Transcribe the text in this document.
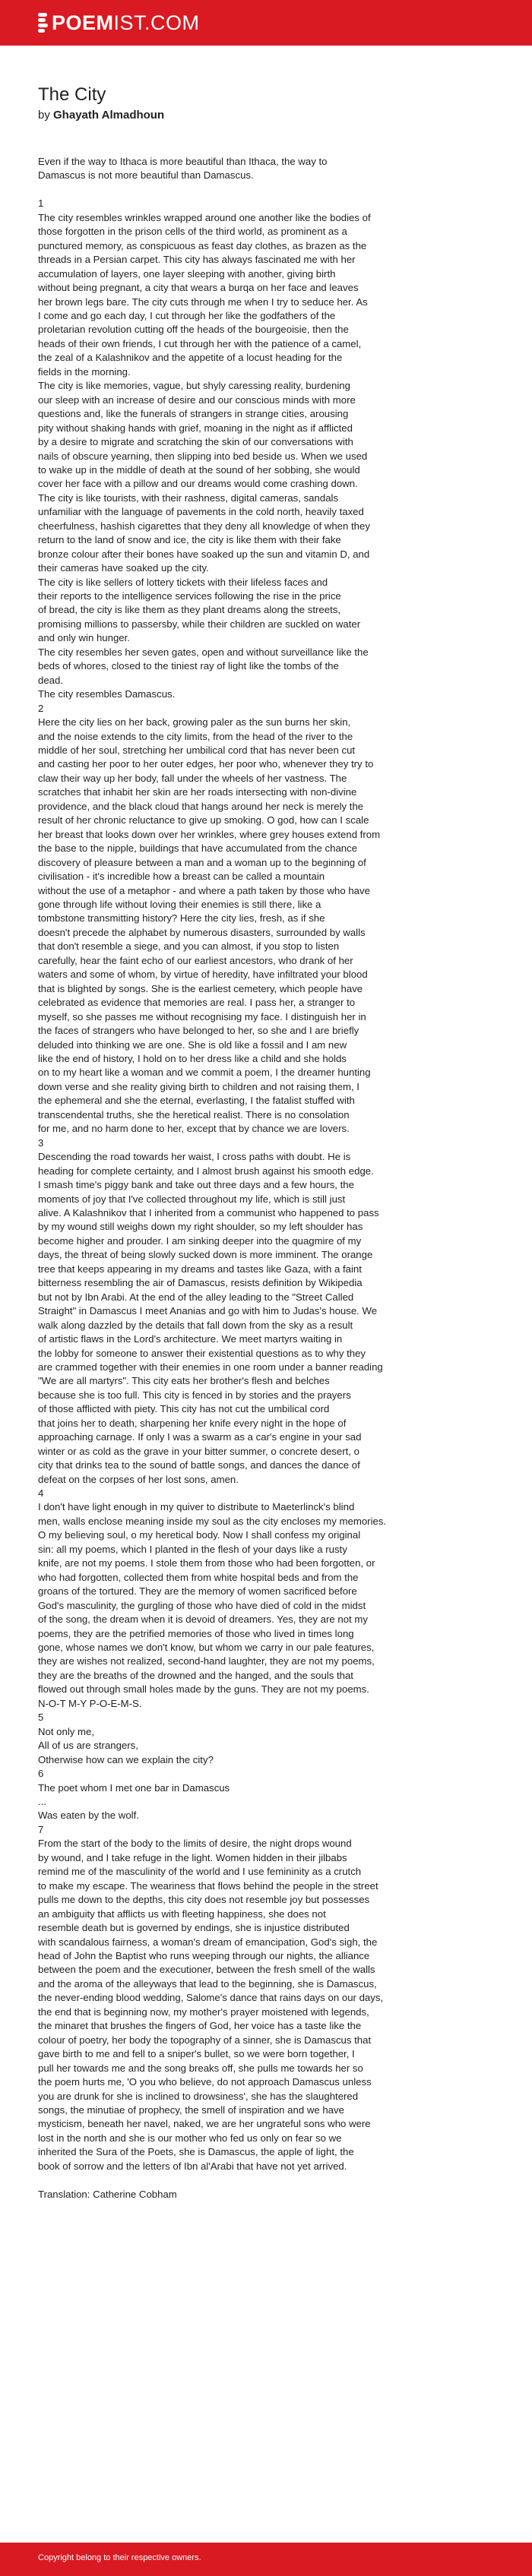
POEMIST.COM
The City
by Ghayath Almadhoun
Even if the way to Ithaca is more beautiful than Ithaca, the way to
Damascus is not more beautiful than Damascus.
1
The city resembles wrinkles wrapped around one another like the bodies of
those forgotten in the prison cells of the third world, as prominent as a
punctured memory, as conspicuous as feast day clothes, as brazen as the
threads in a Persian carpet. This city has always fascinated me with her
accumulation of layers, one layer sleeping with another, giving birth
without being pregnant, a city that wears a burqa on her face and leaves
her brown legs bare. The city cuts through me when I try to seduce her. As
I come and go each day, I cut through her like the godfathers of the
proletarian revolution cutting off the heads of the bourgeoisie, then the
heads of their own friends, I cut through her with the patience of a camel,
the zeal of a Kalashnikov and the appetite of a locust heading for the
fields in the morning.
The city is like memories, vague, but shyly caressing reality, burdening
our sleep with an increase of desire and our conscious minds with more
questions and, like the funerals of strangers in strange cities, arousing
pity without shaking hands with grief, moaning in the night as if afflicted
by a desire to migrate and scratching the skin of our conversations with
nails of obscure yearning, then slipping into bed beside us. When we used
to wake up in the middle of death at the sound of her sobbing, she would
cover her face with a pillow and our dreams would come crashing down.
The city is like tourists, with their rashness, digital cameras, sandals
unfamiliar with the language of pavements in the cold north, heavily taxed
cheerfulness, hashish cigarettes that they deny all knowledge of when they
return to the land of snow and ice, the city is like them with their fake
bronze colour after their bones have soaked up the sun and vitamin D, and
their cameras have soaked up the city.
The city is like sellers of lottery tickets with their lifeless faces and
their reports to the intelligence services following the rise in the price
of bread, the city is like them as they plant dreams along the streets,
promising millions to passersby, while their children are suckled on water
and only win hunger.
The city resembles her seven gates, open and without surveillance like the
beds of whores, closed to the tiniest ray of light like the tombs of the
dead.
The city resembles Damascus.
2
Here the city lies on her back, growing paler as the sun burns her skin,
and the noise extends to the city limits, from the head of the river to the
middle of her soul, stretching her umbilical cord that has never been cut
and casting her poor to her outer edges, her poor who, whenever they try to
claw their way up her body, fall under the wheels of her vastness. The
scratches that inhabit her skin are her roads intersecting with non-divine
providence, and the black cloud that hangs around her neck is merely the
result of her chronic reluctance to give up smoking. O god, how can I scale
her breast that looks down over her wrinkles, where grey houses extend from
the base to the nipple, buildings that have accumulated from the chance
discovery of pleasure between a man and a woman up to the beginning of
civilisation - it's incredible how a breast can be called a mountain
without the use of a metaphor - and where a path taken by those who have
gone through life without loving their enemies is still there, like a
tombstone transmitting history? Here the city lies, fresh, as if she
doesn't precede the alphabet by numerous disasters, surrounded by walls
that don't resemble a siege, and you can almost, if you stop to listen
carefully, hear the faint echo of our earliest ancestors, who drank of her
waters and some of whom, by virtue of heredity, have infiltrated your blood
that is blighted by songs. She is the earliest cemetery, which people have
celebrated as evidence that memories are real. I pass her, a stranger to
myself, so she passes me without recognising my face. I distinguish her in
the faces of strangers who have belonged to her, so she and I are briefly
deluded into thinking we are one. She is old like a fossil and I am new
like the end of history, I hold on to her dress like a child and she holds
on to my heart like a woman and we commit a poem, I the dreamer hunting
down verse and she reality giving birth to children and not raising them, I
the ephemeral and she the eternal, everlasting, I the fatalist stuffed with
transcendental truths, she the heretical realist. There is no consolation
for me, and no harm done to her, except that by chance we are lovers.
3
Descending the road towards her waist, I cross paths with doubt. He is
heading for complete certainty, and I almost brush against his smooth edge.
I smash time's piggy bank and take out three days and a few hours, the
moments of joy that I've collected throughout my life, which is still just
alive. A Kalashnikov that I inherited from a communist who happened to pass
by my wound still weighs down my right shoulder, so my left shoulder has
become higher and prouder. I am sinking deeper into the quagmire of my
days, the threat of being slowly sucked down is more imminent. The orange
tree that keeps appearing in my dreams and tastes like Gaza, with a faint
bitterness resembling the air of Damascus, resists definition by Wikipedia
but not by Ibn Arabi. At the end of the alley leading to the "Street Called
Straight" in Damascus I meet Ananias and go with him to Judas's house. We
walk along dazzled by the details that fall down from the sky as a result
of artistic flaws in the Lord's architecture. We meet martyrs waiting in
the lobby for someone to answer their existential questions as to why they
are crammed together with their enemies in one room under a banner reading
"We are all martyrs". This city eats her brother's flesh and belches
because she is too full. This city is fenced in by stories and the prayers
of those afflicted with piety. This city has not cut the umbilical cord
that joins her to death, sharpening her knife every night in the hope of
approaching carnage. If only I was a swarm as a car's engine in your sad
winter or as cold as the grave in your bitter summer, o concrete desert, o
city that drinks tea to the sound of battle songs, and dances the dance of
defeat on the corpses of her lost sons, amen.
4
I don't have light enough in my quiver to distribute to Maeterlinck's blind
men, walls enclose meaning inside my soul as the city encloses my memories.
O my believing soul, o my heretical body. Now I shall confess my original
sin: all my poems, which I planted in the flesh of your days like a rusty
knife, are not my poems. I stole them from those who had been forgotten, or
who had forgotten, collected them from white hospital beds and from the
groans of the tortured. They are the memory of women sacrificed before
God's masculinity, the gurgling of those who have died of cold in the midst
of the song, the dream when it is devoid of dreamers. Yes, they are not my
poems, they are the petrified memories of those who lived in times long
gone, whose names we don't know, but whom we carry in our pale features,
they are wishes not realized, second-hand laughter, they are not my poems,
they are the breaths of the drowned and the hanged, and the souls that
flowed out through small holes made by the guns. They are not my poems.
N-O-T M-Y P-O-E-M-S.
5
Not only me,
All of us are strangers,
Otherwise how can we explain the city?
6
The poet whom I met one bar in Damascus
...
Was eaten by the wolf.
7
From the start of the body to the limits of desire, the night drops wound
by wound, and I take refuge in the light. Women hidden in their jilbabs
remind me of the masculinity of the world and I use femininity as a crutch
to make my escape. The weariness that flows behind the people in the street
pulls me down to the depths, this city does not resemble joy but possesses
an ambiguity that afflicts us with fleeting happiness, she does not
resemble death but is governed by endings, she is injustice distributed
with scandalous fairness, a woman's dream of emancipation, God's sigh, the
head of John the Baptist who runs weeping through our nights, the alliance
between the poem and the executioner, between the fresh smell of the walls
and the aroma of the alleyways that lead to the beginning, she is Damascus,
the never-ending blood wedding, Salome's dance that rains days on our days,
the end that is beginning now, my mother's prayer moistened with legends,
the minaret that brushes the fingers of God, her voice has a taste like the
colour of poetry, her body the topography of a sinner, she is Damascus that
gave birth to me and fell to a sniper's bullet, so we were born together, I
pull her towards me and the song breaks off, she pulls me towards her so
the poem hurts me, 'O you who believe, do not approach Damascus unless
you are drunk for she is inclined to drowsiness', she has the slaughtered
songs, the minutiae of prophecy, the smell of inspiration and we have
mysticism, beneath her navel, naked, we are her ungrateful sons who were
lost in the north and she is our mother who fed us only on fear so we
inherited the Sura of the Poets, she is Damascus, the apple of light, the
book of sorrow and the letters of Ibn al'Arabi that have not yet arrived.
Translation: Catherine Cobham
Copyright belong to their respective owners.
